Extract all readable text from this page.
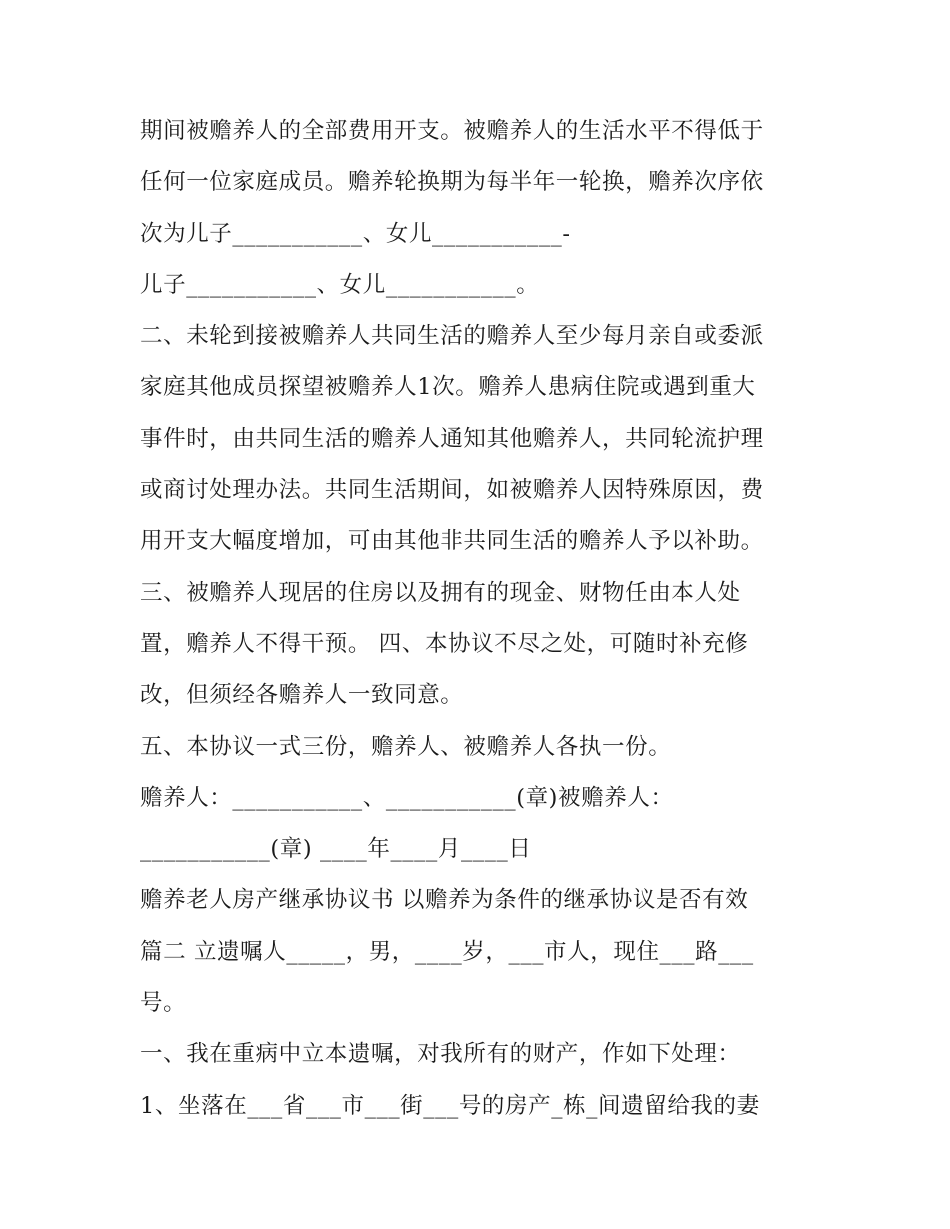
期间被赡养人的全部费用开支。被赡养人的生活水平不得低于
任何一位家庭成员。赡养轮换期为每半年一轮换，赡养次序依
次为儿子___________、女儿___________-
儿子___________、女儿___________。
二、未轮到接被赡养人共同生活的赡养人至少每月亲自或委派
家庭其他成员探望被赡养人1次。赡养人患病住院或遇到重大
事件时，由共同生活的赡养人通知其他赡养人，共同轮流护理
或商讨处理办法。共同生活期间，如被赡养人因特殊原因，费
用开支大幅度增加，可由其他非共同生活的赡养人予以补助。
三、被赡养人现居的住房以及拥有的现金、财物任由本人处
置，赡养人不得干预。 四、本协议不尽之处，可随时补充修
改，但须经各赡养人一致同意。
五、本协议一式三份，赡养人、被赡养人各执一份。
赡养人：___________、___________(章)被赡养人：
___________(章) ____年____月____日
赡养老人房产继承协议书 以赡养为条件的继承协议是否有效
篇二 立遗嘱人_____，男，____岁，___市人，现住___路___
号。
一、我在重病中立本遗嘱，对我所有的财产，作如下处理：
1、坐落在___省___市___街___号的房产_栋_间遗留给我的妻
